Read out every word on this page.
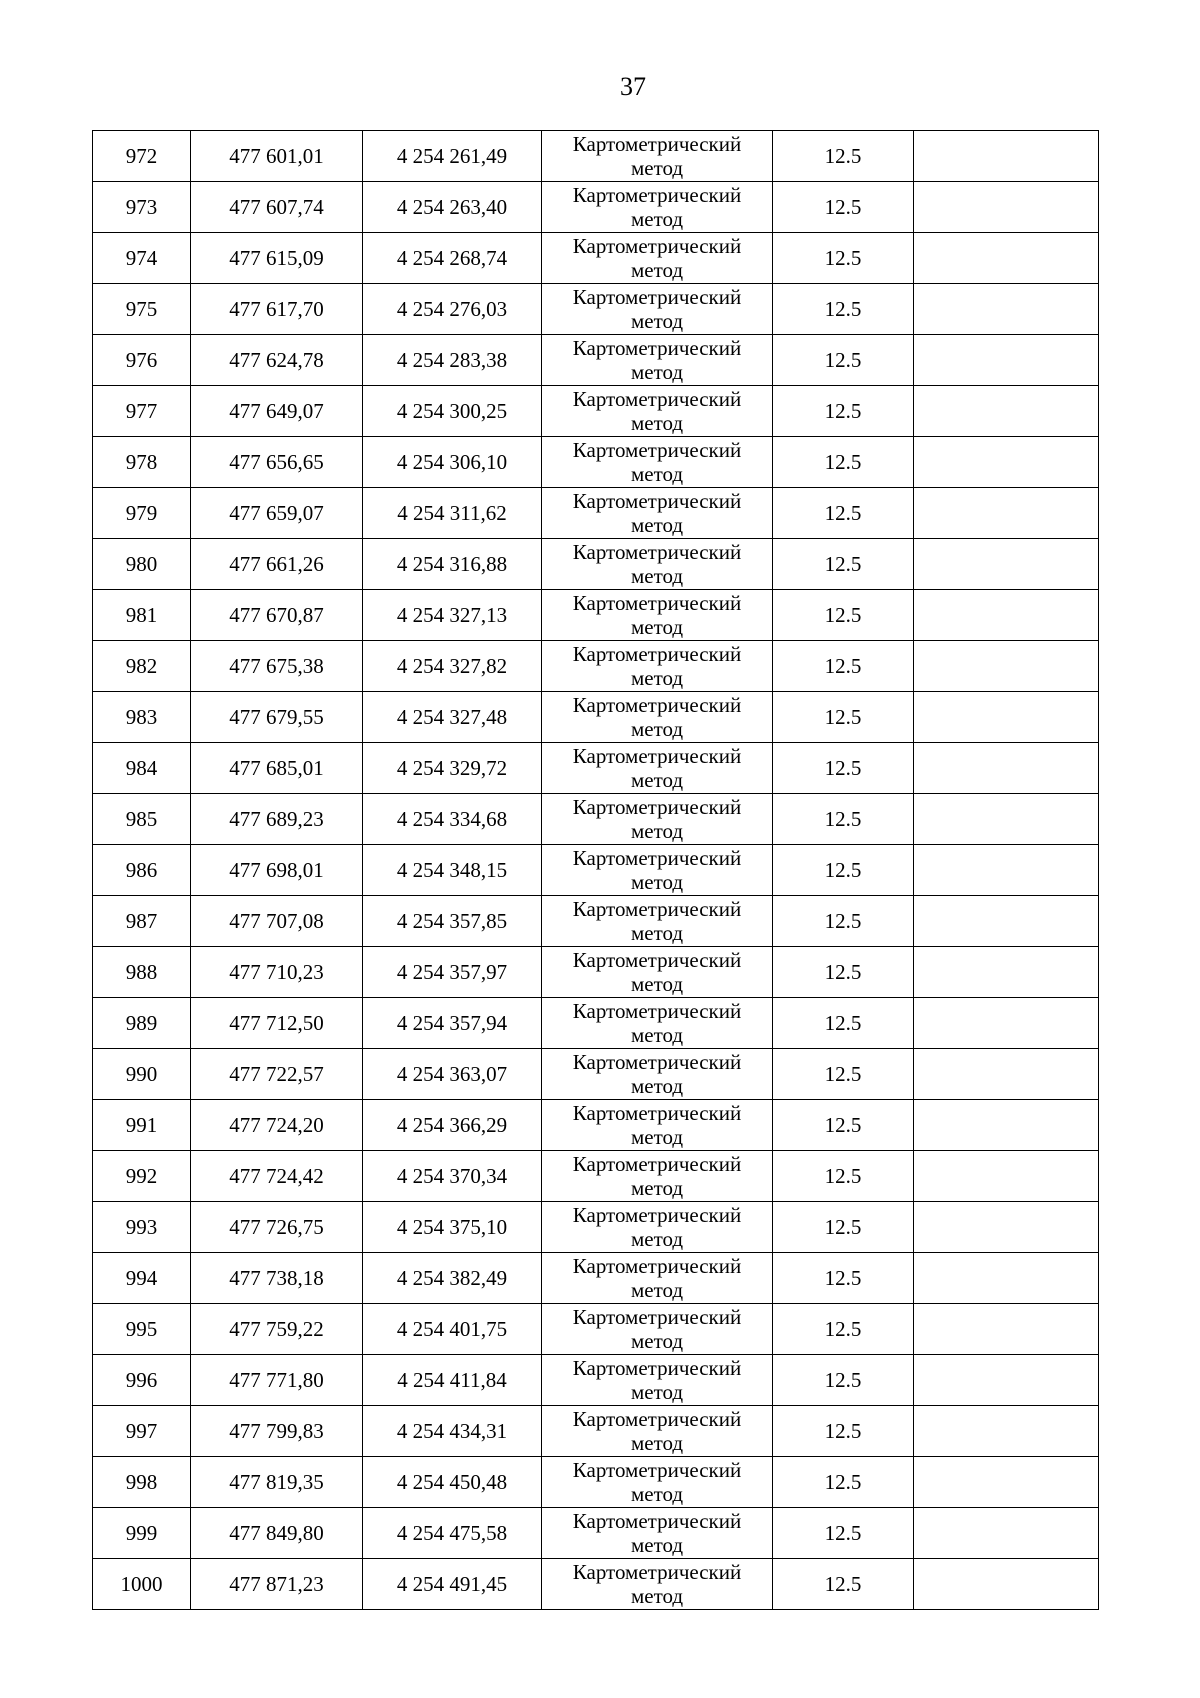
37
972	477 601,01	4 254 261,49	Картометрический
метод	12.5	
973	477 607,74	4 254 263,40	Картометрический
метод	12.5	
974	477 615,09	4 254 268,74	Картометрический
метод	12.5	
975	477 617,70	4 254 276,03	Картометрический
метод	12.5	
976	477 624,78	4 254 283,38	Картометрический
метод	12.5	
977	477 649,07	4 254 300,25	Картометрический
метод	12.5	
978	477 656,65	4 254 306,10	Картометрический
метод	12.5	
979	477 659,07	4 254 311,62	Картометрический
метод	12.5	
980	477 661,26	4 254 316,88	Картометрический
метод	12.5	
981	477 670,87	4 254 327,13	Картометрический
метод	12.5	
982	477 675,38	4 254 327,82	Картометрический
метод	12.5	
983	477 679,55	4 254 327,48	Картометрический
метод	12.5	
984	477 685,01	4 254 329,72	Картометрический
метод	12.5	
985	477 689,23	4 254 334,68	Картометрический
метод	12.5	
986	477 698,01	4 254 348,15	Картометрический
метод	12.5	
987	477 707,08	4 254 357,85	Картометрический
метод	12.5	
988	477 710,23	4 254 357,97	Картометрический
метод	12.5	
989	477 712,50	4 254 357,94	Картометрический
метод	12.5	
990	477 722,57	4 254 363,07	Картометрический
метод	12.5	
991	477 724,20	4 254 366,29	Картометрический
метод	12.5	
992	477 724,42	4 254 370,34	Картометрический
метод	12.5	
993	477 726,75	4 254 375,10	Картометрический
метод	12.5	
994	477 738,18	4 254 382,49	Картометрический
метод	12.5	
995	477 759,22	4 254 401,75	Картометрический
метод	12.5	
996	477 771,80	4 254 411,84	Картометрический
метод	12.5	
997	477 799,83	4 254 434,31	Картометрический
метод	12.5	
998	477 819,35	4 254 450,48	Картометрический
метод	12.5	
999	477 849,80	4 254 475,58	Картометрический
метод	12.5	
1000	477 871,23	4 254 491,45	Картометрический
метод	12.5	
